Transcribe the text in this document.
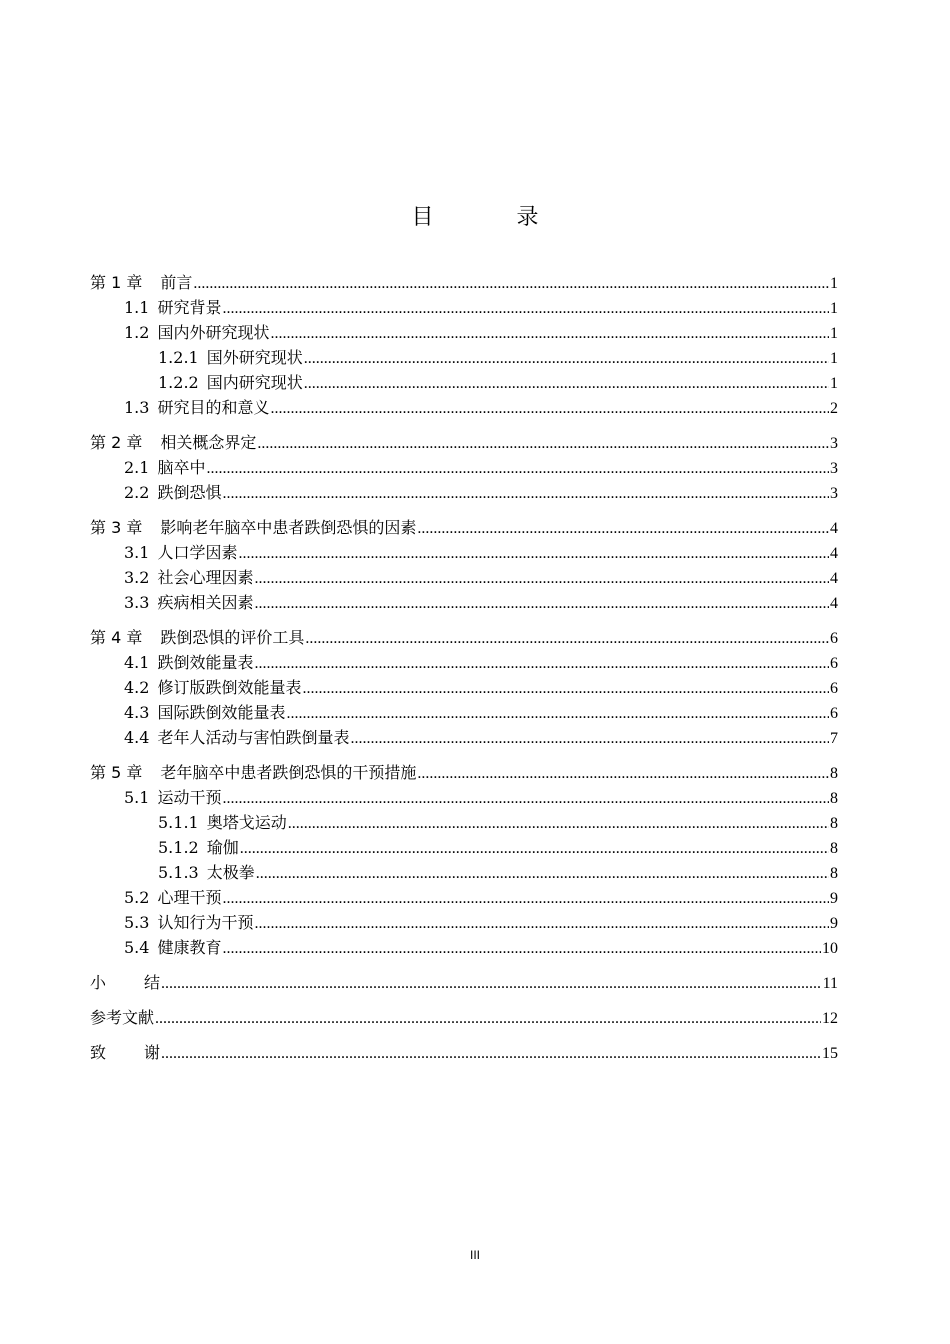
目 录
第 1 章 前言 .....	1
1.1 研究背景 .....	1
1.2 国内外研究现状 .....	1
1.2.1 国外研究现状 .....	1
1.2.2 国内研究现状 .....	1
1.3 研究目的和意义 .....	2
第 2 章 相关概念界定 .....	3
2.1 脑卒中 .....	3
2.2 跌倒恐惧 .....	3
第 3 章 影响老年脑卒中患者跌倒恐惧的因素 .....	4
3.1 人口学因素 .....	4
3.2 社会心理因素 .....	4
3.3 疾病相关因素 .....	4
第 4 章 跌倒恐惧的评价工具 .....	6
4.1 跌倒效能量表 .....	6
4.2 修订版跌倒效能量表 .....	6
4.3 国际跌倒效能量表 .....	6
4.4 老年人活动与害怕跌倒量表 .....	7
第 5 章 老年脑卒中患者跌倒恐惧的干预措施 .....	8
5.1 运动干预 .....	8
5.1.1 奥塔戈运动 .....	8
5.1.2 瑜伽 .....	8
5.1.3 太极拳 .....	8
5.2 心理干预 .....	9
5.3 认知行为干预 .....	9
5.4 健康教育 .....	10
小结 .....	11
参考文献 .....	12
致谢 .....	15
III
